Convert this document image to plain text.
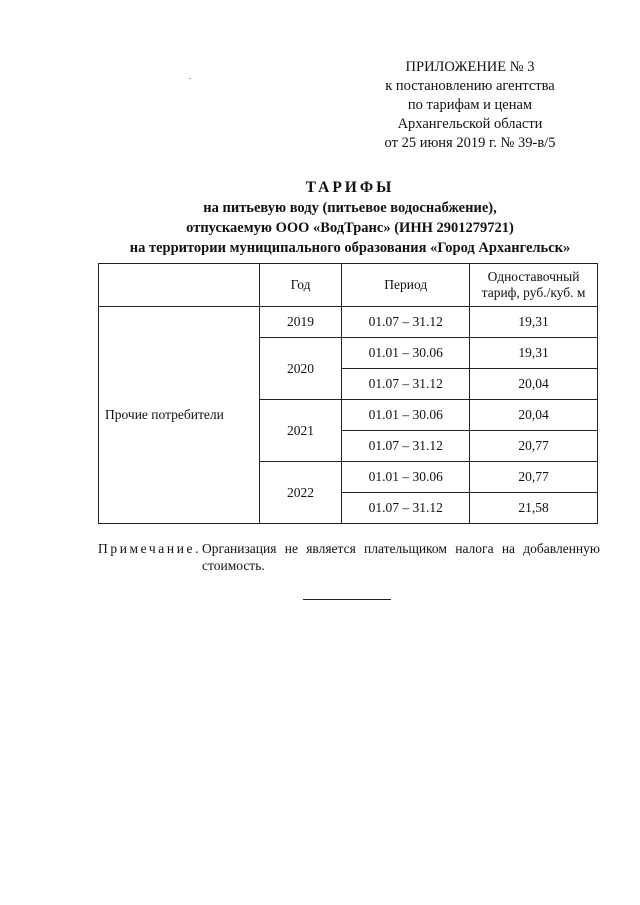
ПРИЛОЖЕНИЕ № 3
к постановлению агентства
по тарифам и ценам
Архангельской области
от 25 июня 2019 г. № 39-в/5
ТАРИФЫ
на питьевую воду (питьевое водоснабжение),
отпускаемую ООО «ВодТранс» (ИНН 2901279721)
на территории муниципального образования «Город Архангельск»
	Год	Период	Одноставочный
тариф, руб./куб. м

Прочие потребители	2019	01.07 – 31.12	19,31
	2020	01.01 – 30.06	19,31
		01.07 – 31.12	20,04
	2021	01.01 – 30.06	20,04
		01.07 – 31.12	20,77
	2022	01.01 – 30.06	20,77
		01.07 – 31.12	21,58
Примечание. Организация не является плательщиком налога на добавленную стоимость.
